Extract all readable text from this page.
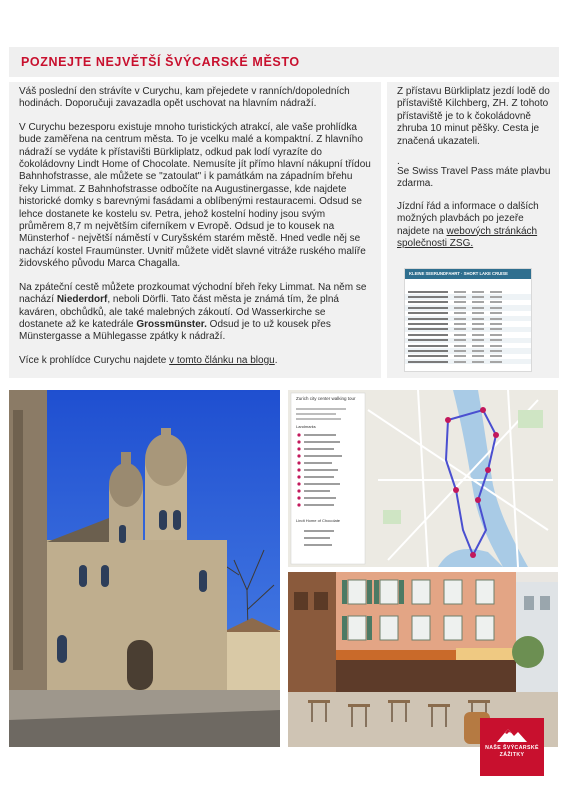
POZNEJTE NEJVĚTŠÍ ŠVÝCARSKÉ MĚSTO

Váš poslední den strávíte v Curychu, kam přejedete v ranních/dopoledních hodinách. Doporučuji zavazadla opět uschovat na hlavním nádraží.

V Curychu bezesporu existuje mnoho turistických atrakcí, ale vaše prohlídka bude zaměřena na centrum města. To je vcelku malé a kompaktní. Z hlavního nádraží se vydáte k přístavišti Bürkliplatz, odkud pak lodí vyrazíte do čokoládovny Lindt Home of Chocolate. Nemusíte jít přímo hlavní nákupní třídou Bahnhofstrasse, ale můžete se "zatoulat" i k památkám na západním břehu řeky Limmat. Z Bahnhofstrasse odbočíte na Augustinergasse, kde najdete historické domky s barevnými fasádami a oblíbenými restauracemi. Odsud se lehce dostanete ke kostelu sv. Petra, jehož kostelní hodiny jsou svým průměrem 8,7 m největším ciferníkem v Evropě. Odsud je to kousek na Münsterhof - největší náměstí v Curyšském starém městě. Hned vedle něj se nachází kostel Fraumünster. Uvnitř můžete vidět slavné vitráže ruského malíře židovského původu Marca Chagalla.

Na zpáteční cestě můžete prozkoumat východní břeh řeky Limmat. Na něm se nachází Niederdorf, neboli Dörfli. Tato část města je známá tím, že plná kaváren, obchůdků, ale také malebných zákoutí. Od Wasserkirche se dostanete až ke katedrále Grossmünster. Odsud je to už kousek přes Münstergasse a Mühlegasse zpátky k nádraží.

Více k prohlídce Curychu najdete v tomto článku na blogu.

Z přístavu Bürkliplatz jezdí lodě do přístaviště Kilchberg, ZH. Z tohoto přístaviště je to k čokoládovně zhruba 10 minut pěšky. Cesta je značená ukazateli.

.

Se Swiss Travel Pass máte plavbu zdarma.

Jízdní řád a informace o dalších možných plavbách po jezeře najdete na webových stránkách společnosti ZSG.

KLEINE SEERUNDFAHRT · SHORT LAKE CRUISE
Zurich city center walking tour
Landmarks
Lindt Home of Chocolate
NAŠE ŠVÝCARSKÉ
ZÁŽITKY
